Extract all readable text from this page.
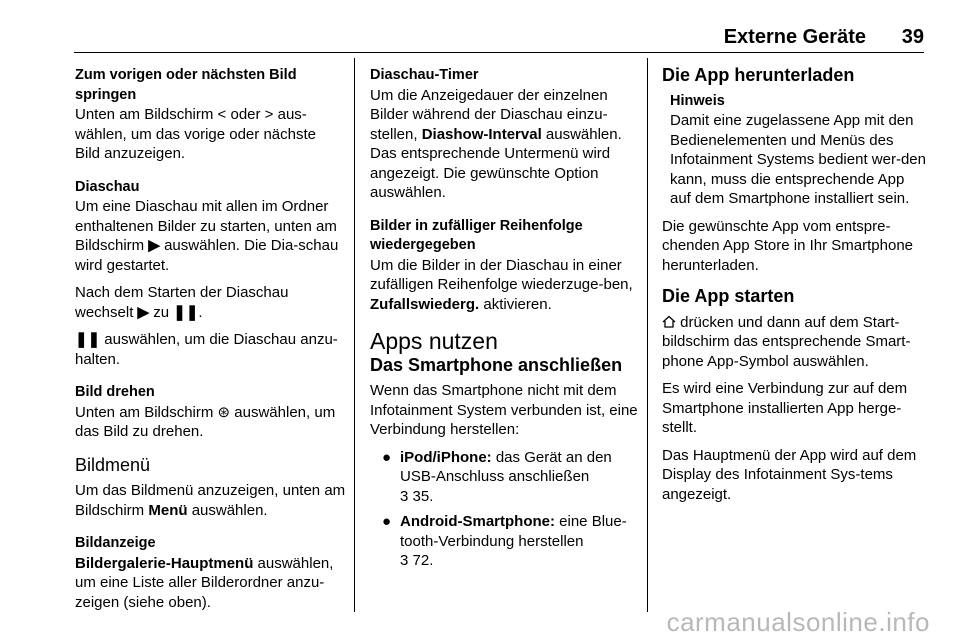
Externe Geräte 39

Zum vorigen oder nächsten Bild
springen

Unten am Bildschirm < oder > aus-
wählen, um das vorige oder nächste
Bild anzuzeigen.

Diaschau

Um eine Diaschau mit allen im Ordner enthaltenen Bilder zu starten, unten am Bildschirm ▶ auswählen. Die Dia-schau wird gestartet.

Nach dem Starten der Diaschau wechselt ▶ zu ❚❚.

❚❚ auswählen, um die Diaschau anzu-halten.

Bild drehen

Unten am Bildschirm ⊛ auswählen, um das Bild zu drehen.

Bildmenü

Um das Bildmenü anzuzeigen, unten am Bildschirm Menü auswählen.

Bildanzeige

Bildergalerie-Hauptmenü auswählen, um eine Liste aller Bilderordner anzu-zeigen (siehe oben).

Diaschau-Timer

Um die Anzeigedauer der einzelnen Bilder während der Diaschau einzu-stellen, Diashow-Interval auswählen. Das entsprechende Untermenü wird angezeigt. Die gewünschte Option auswählen.

Bilder in zufälliger Reihenfolge wiedergegeben

Um die Bilder in der Diaschau in einer zufälligen Reihenfolge wiederzuge-ben, Zufallswiederg. aktivieren.

Apps nutzen

Das Smartphone anschließen

Wenn das Smartphone nicht mit dem Infotainment System verbunden ist, eine Verbindung herstellen:

● iPod/iPhone: das Gerät an den USB-Anschluss anschließen
3 35.
● Android-Smartphone: eine Blue-tooth-Verbindung herstellen
3 72.

Die App herunterladen

Hinweis

Damit eine zugelassene App mit den Bedienelementen und Menüs des Infotainment Systems bedient wer-den kann, muss die entsprechende App auf dem Smartphone installiert sein.

Die gewünschte App vom entspre-chenden App Store in Ihr Smartphone herunterladen.

Die App starten

drücken und dann auf dem Start-bildschirm das entsprechende Smart-phone App-Symbol auswählen.

Es wird eine Verbindung zur auf dem Smartphone installierten App herge-stellt.

Das Hauptmenü der App wird auf dem Display des Infotainment Sys-tems angezeigt.

carmanualsonline.info
